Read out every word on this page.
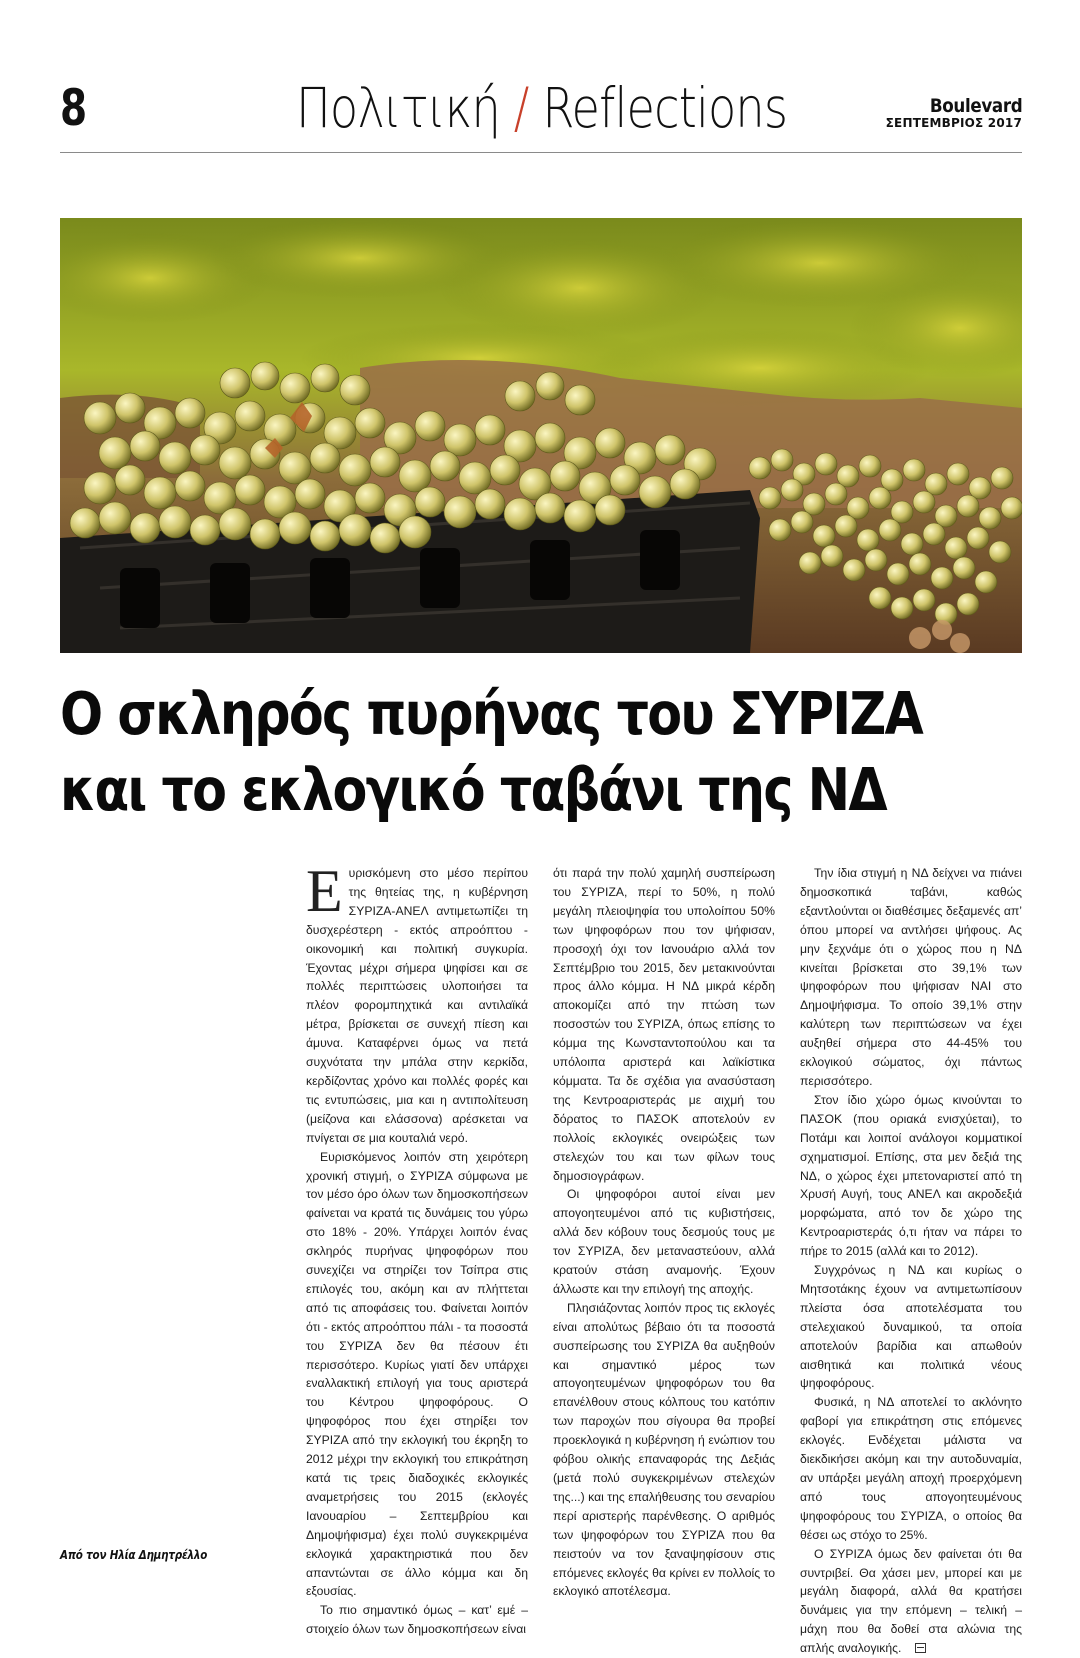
8	Πολιτική / Reflections	Boulevard
ΣΕΠΤΕΜΒΡΙΟΣ 2017
Ο σκληρός πυρήνας του ΣΥΡΙΖΑ
και το εκλογικό ταβάνι της ΝΔ
Από τον Ηλία Δημητρέλλο

Ευρισκόμενη στο μέσο περίπου της θητείας της, η κυβέρνηση ΣΥΡΙΖΑ-ΑΝΕΛ αντιμετωπίζει τη δυσχερέστερη - εκτός απροόπτου - οικονομική και πολιτική συγκυρία. Έχοντας μέχρι σήμερα ψηφίσει και σε πολλές περιπτώσεις υλοποιήσει τα πλέον φορομπηχτικά και αντιλαϊκά μέτρα, βρίσκεται σε συνεχή πίεση και άμυνα. Καταφέρνει όμως να πετά συχνότατα την μπάλα στην κερκίδα, κερδίζοντας χρόνο και πολλές φορές και τις εντυπώσεις, μια και η αντιπολίτευση (μείζονα και ελάσσονα) αρέσκεται να πνίγεται σε μια κουταλιά νερό.

Ευρισκόμενος λοιπόν στη χειρότερη χρονική στιγμή, ο ΣΥΡΙΖΑ σύμφωνα με τον μέσο όρο όλων των δημοσκοπήσεων φαίνεται να κρατά τις δυνάμεις του γύρω στο 18% - 20%. Υπάρχει λοιπόν ένας σκληρός πυρήνας ψηφοφόρων που συνεχίζει να στηρίζει τον Τσίπρα στις επιλογές του, ακόμη και αν πλήττεται από τις αποφάσεις του. Φαίνεται λοιπόν ότι - εκτός απροόπτου πάλι - τα ποσοστά του ΣΥΡΙΖΑ δεν θα πέσουν έτι περισσότερο. Κυρίως γιατί δεν υπάρχει εναλλακτική επιλογή για τους αριστερά του Κέντρου ψηφοφόρους. Ο ψηφοφόρος που έχει στηρίξει τον ΣΥΡΙΖΑ από την εκλογική του έκρηξη το 2012 μέχρι την εκλογική του επικράτηση κατά τις τρεις διαδοχικές εκλογικές αναμετρήσεις του 2015 (εκλογές Ιανουαρίου – Σεπτεμβρίου και Δημοψήφισμα) έχει πολύ συγκεκριμένα εκλογικά χαρακτηριστικά που δεν απαντώνται σε άλλο κόμμα και δη εξουσίας.

Το πιο σημαντικό όμως – κατ’ εμέ – στοιχείο όλων των δημοσκοπήσεων είναι

ότι παρά την πολύ χαμηλή συσπείρωση του ΣΥΡΙΖΑ, περί το 50%, η πολύ μεγάλη πλειοψηφία του υπολοίπου 50% των ψηφοφόρων που τον ψήφισαν, προσοχή όχι τον Ιανουάριο αλλά τον Σεπτέμβριο του 2015, δεν μετακινούνται προς άλλο κόμμα. Η ΝΔ μικρά κέρδη αποκομίζει από την πτώση των ποσοστών του ΣΥΡΙΖΑ, όπως επίσης το κόμμα της Κωνσταντοπούλου και τα υπόλοιπα αριστερά και λαϊκίστικα κόμματα. Τα δε σχέδια για ανασύσταση της Κεντροαριστεράς με αιχμή του δόρατος το ΠΑΣΟΚ αποτελούν εν πολλοίς εκλογικές ονειρώξεις των στελεχών του και των φίλων τους δημοσιογράφων.

Οι ψηφοφόροι αυτοί είναι μεν απογοητευμένοι από τις κυβιστήσεις, αλλά δεν κόβουν τους δεσμούς τους με τον ΣΥΡΙΖΑ, δεν μεταναστεύουν, αλλά κρατούν στάση αναμονής. Έχουν άλλωστε και την επιλογή της αποχής.

Πλησιάζοντας λοιπόν προς τις εκλογές είναι απολύτως βέβαιο ότι τα ποσοστά συσπείρωσης του ΣΥΡΙΖΑ θα αυξηθούν και σημαντικό μέρος των απογοητευμένων ψηφοφόρων του θα επανέλθουν στους κόλπους του κατόπιν των παροχών που σίγουρα θα προβεί προεκλογικά η κυβέρνηση ή ενώπιον του φόβου ολικής επαναφοράς της Δεξιάς (μετά πολύ συγκεκριμένων στελεχών της...) και της επαλήθευσης του σεναρίου περί αριστερής παρένθεσης. Ο αριθμός των ψηφοφόρων του ΣΥΡΙΖΑ που θα πειστούν να τον ξαναψηφίσουν στις επόμενες εκλογές θα κρίνει εν πολλοίς το εκλογικό αποτέλεσμα.

Την ίδια στιγμή η ΝΔ δείχνει να πιάνει δημοσκοπικά ταβάνι, καθώς εξαντλούνται οι διαθέσιμες δεξαμενές απ’ όπου μπορεί να αντλήσει ψήφους. Ας μην ξεχνάμε ότι ο χώρος που η ΝΔ κινείται βρίσκεται στο 39,1% των ψηφοφόρων που ψήφισαν ΝΑΙ στο Δημοψήφισμα. Το οποίο 39,1% στην καλύτερη των περιπτώσεων να έχει αυξηθεί σήμερα στο 44-45% του εκλογικού σώματος, όχι πάντως περισσότερο.

Στον ίδιο χώρο όμως κινούνται το ΠΑΣΟΚ (που οριακά ενισχύεται), το Ποτάμι και λοιποί ανάλογοι κομματικοί σχηματισμοί. Επίσης, στα μεν δεξιά της ΝΔ, ο χώρος έχει μπετοναριστεί από τη Χρυσή Αυγή, τους ΑΝΕΛ και ακροδεξιά μορφώματα, από τον δε χώρο της Κεντροαριστεράς ό,τι ήταν να πάρει το πήρε το 2015 (αλλά και το 2012).

Συγχρόνως η ΝΔ και κυρίως ο Μητσοτάκης έχουν να αντιμετωπίσουν πλείστα όσα αποτελέσματα του στελεχιακού δυναμικού, τα οποία αποτελούν βαρίδια και απωθούν αισθητικά και πολιτικά νέους ψηφοφόρους.

Φυσικά, η ΝΔ αποτελεί το ακλόνητο φαβορί για επικράτηση στις επόμενες εκλογές. Ενδέχεται μάλιστα να διεκδικήσει ακόμη και την αυτοδυναμία, αν υπάρξει μεγάλη αποχή προερχόμενη από τους απογοητευμένους ψηφοφόρους του ΣΥΡΙΖΑ, ο οποίος θα θέσει ως στόχο το 25%.

Ο ΣΥΡΙΖΑ όμως δεν φαίνεται ότι θα συντριβεί. Θα χάσει μεν, μπορεί και με μεγάλη διαφορά, αλλά θα κρατήσει δυνάμεις για την επόμενη – τελική – μάχη που θα δοθεί στα αλώνια της απλής αναλογικής.
